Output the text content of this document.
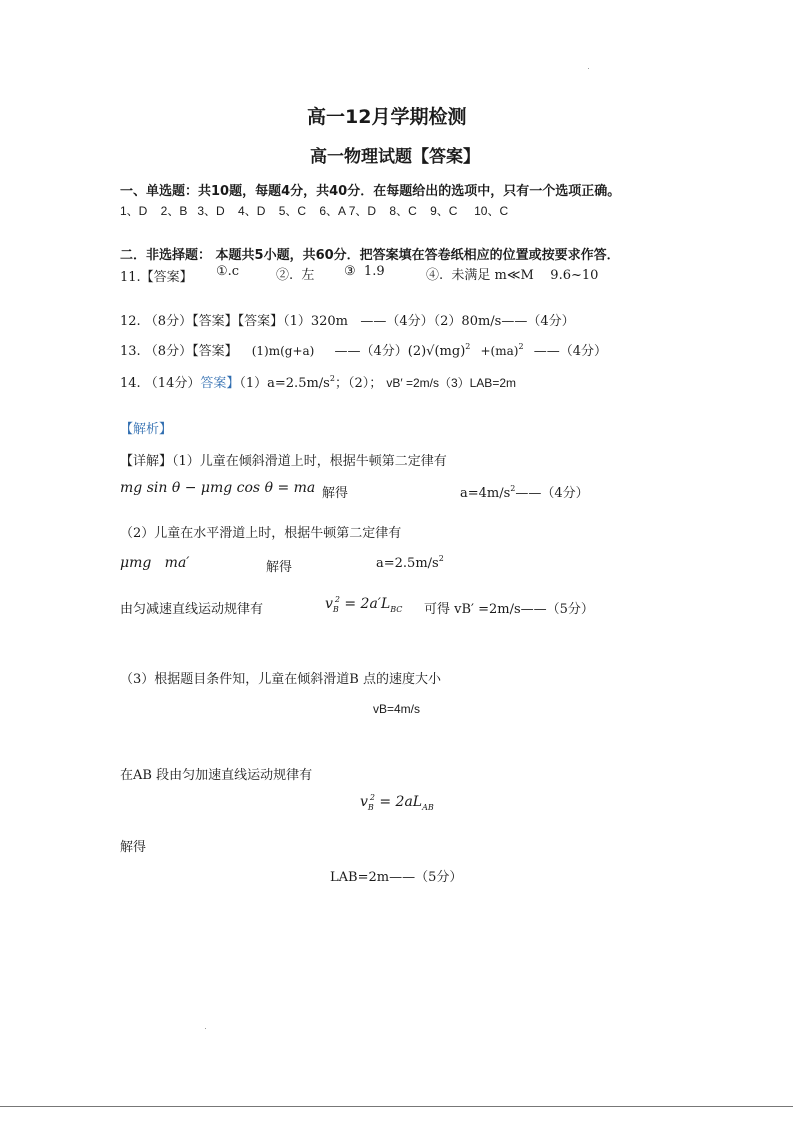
高一12月学期检测
高一物理试题【答案】
一、单选题：共10题，每题4分，共40分．在每题给出的选项中，只有一个选项正确。
1、D    2、B   3、D    4、D    5、C    6、A 7、D    8、C    9、C     10、C
二．非选择题： 本题共5小题，共60分．把答案填在答卷纸相应的位置或按要求作答．
11.【答案】 ①.c	②.  左 ③  1.9	④.  未满足 m≪M    9.6~10
12. （8分）【答案】【答案】（1）320m   ——（4分）（2）80m/s——（4分）
13. （8分）【答案】 (1)m(g+a) ——（4分）(2)√(mg)$^2$ +(ma)$^2$ ——（4分）
14. （14分）答案】$(1)a=2.5m/s^2$；（2）； vB′ =2m/s（3）LAB=2m
【解析】
【详解】（1）儿童在倾斜滑道上时，根据牛顿第二定律有
mg sin θ − μmg cos θ = ma 解得	$a=4m/s^2——(4$分）
（2）儿童在水平滑道上时，根据牛顿第二定律有
μmg   ma′	解得	$a=2.5m/s^2$
由匀减速直线运动规律有	$v_B^2 = 2a'L_{BC}$ 可得 vB′ =2m/s——（5分）
（3）根据题目条件知，儿童在倾斜滑道B 点的速度大小
vB=4m/s
在AB 段由匀加速直线运动规律有
$v_B^2 = 2aL_{AB}$
解得
LAB=2m——（5分）
